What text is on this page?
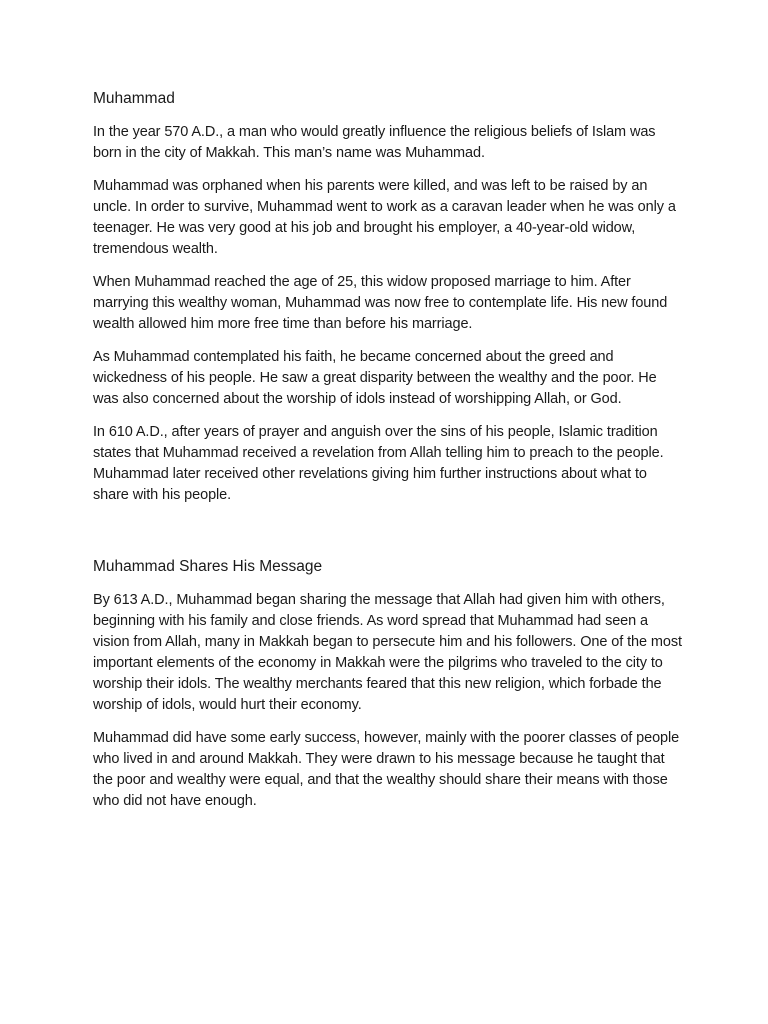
Muhammad

In the year 570 A.D., a man who would greatly influence the religious beliefs of Islam was born in the city of Makkah. This man’s name was Muhammad.

Muhammad was orphaned when his parents were killed, and was left to be raised by an uncle. In order to survive, Muhammad went to work as a caravan leader when he was only a teenager. He was very good at his job and brought his employer, a 40-year-old widow, tremendous wealth.

When Muhammad reached the age of 25, this widow proposed marriage to him. After marrying this wealthy woman, Muhammad was now free to contemplate life. His new found wealth allowed him more free time than before his marriage.

As Muhammad contemplated his faith, he became concerned about the greed and wickedness of his people. He saw a great disparity between the wealthy and the poor. He was also concerned about the worship of idols instead of worshipping Allah, or God.

In 610 A.D., after years of prayer and anguish over the sins of his people, Islamic tradition states that Muhammad received a revelation from Allah telling him to preach to the people. Muhammad later received other revelations giving him further instructions about what to share with his people.

Muhammad Shares His Message

By 613 A.D., Muhammad began sharing the message that Allah had given him with others, beginning with his family and close friends. As word spread that Muhammad had seen a vision from Allah, many in Makkah began to persecute him and his followers. One of the most important elements of the economy in Makkah were the pilgrims who traveled to the city to worship their idols. The wealthy merchants feared that this new religion, which forbade the worship of idols, would hurt their economy.

Muhammad did have some early success, however, mainly with the poorer classes of people who lived in and around Makkah. They were drawn to his message because he taught that the poor and wealthy were equal, and that the wealthy should share their means with those who did not have enough.
